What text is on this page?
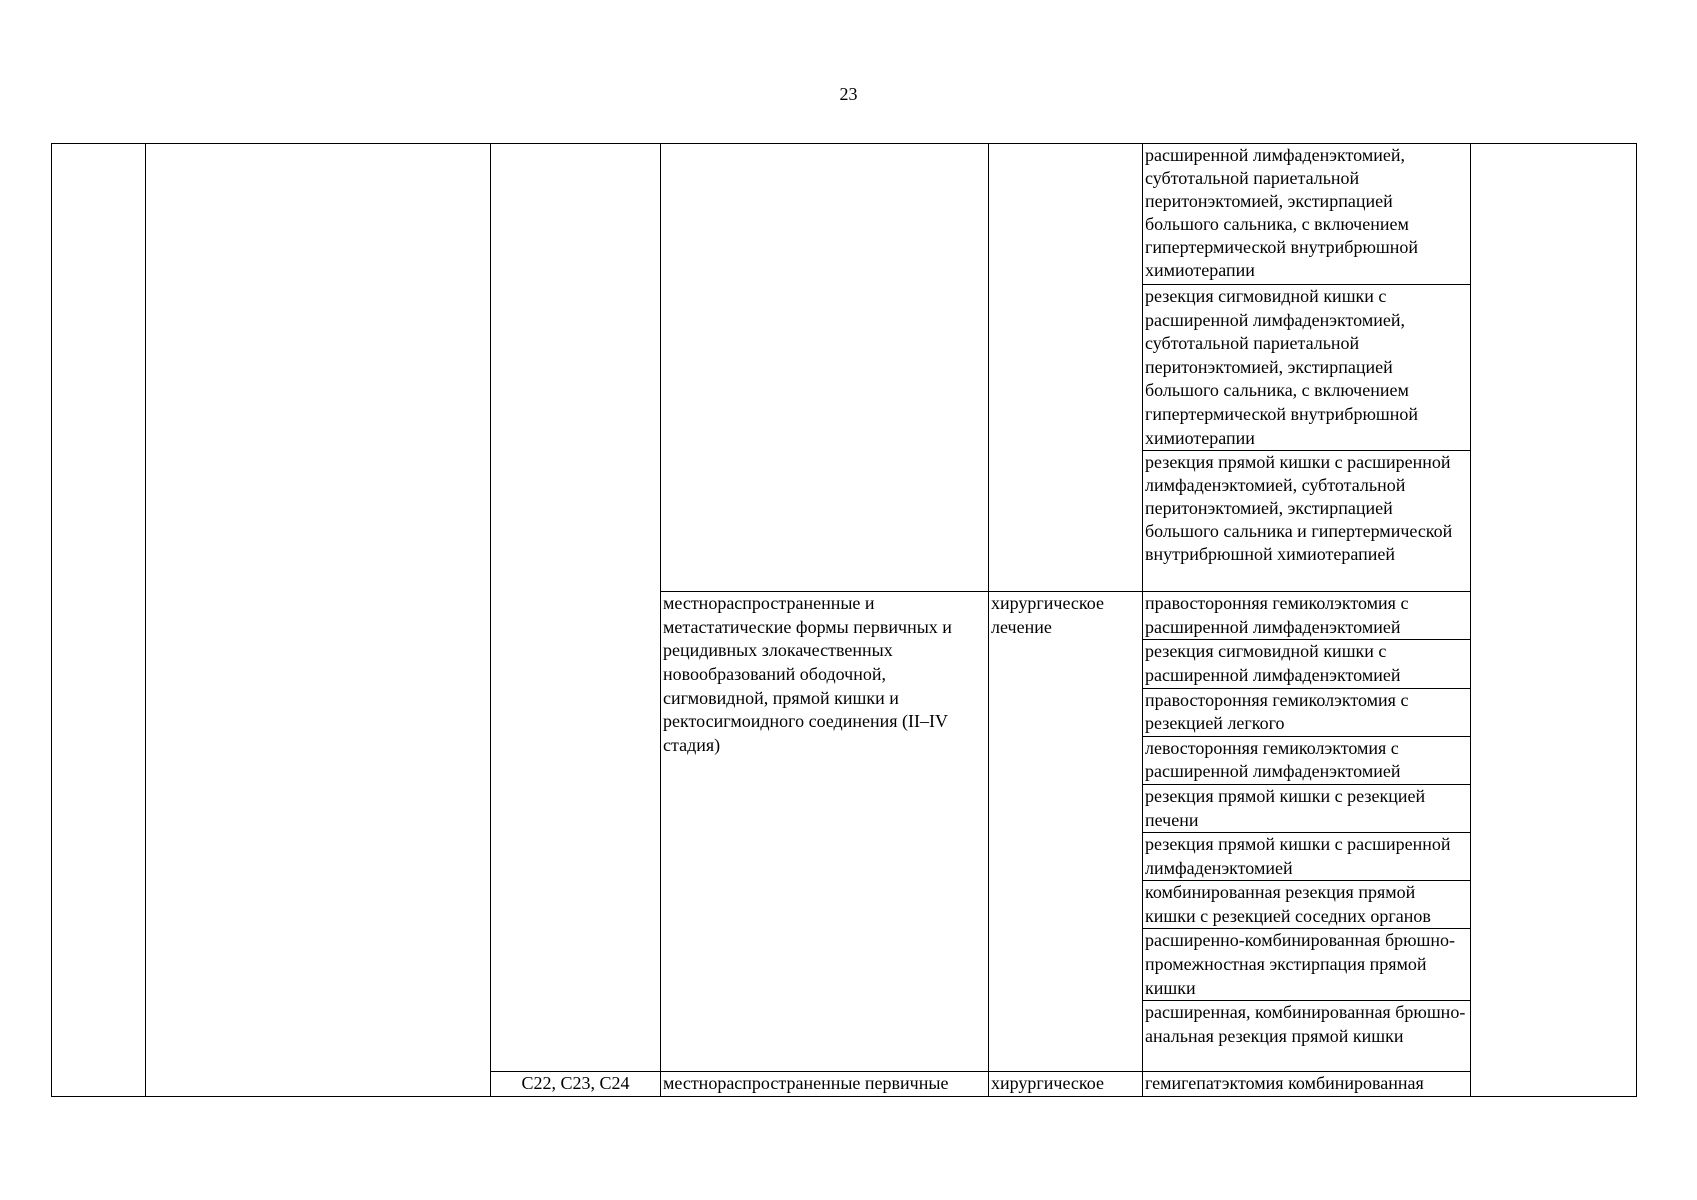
23
					расширенной лимфаденэктомией, субтотальной париетальной перитонэктомией, экстирпацией большого сальника, с включением гипертермической внутрибрюшной химиотерапии	
					резекция сигмовидной кишки с расширенной лимфаденэктомией, субтотальной париетальной перитонэктомией, экстирпацией большого сальника, с включением гипертермической внутрибрюшной химиотерапии	
					резекция прямой кишки с расширенной лимфаденэктомией, субтотальной перитонэктомией, экстирпацией большого сальника и гипертермической внутрибрюшной химиотерапией	
			местнораспространенные и метастатические формы первичных и рецидивных злокачественных новообразований ободочной, сигмовидной, прямой кишки и ректосигмоидного соединения (II–IV стадия)	хирургическое лечение	правосторонняя гемиколэктомия с расширенной лимфаденэктомией	
					резекция сигмовидной кишки с расширенной лимфаденэктомией	
					правосторонняя гемиколэктомия с резекцией легкого	
					левосторонняя гемиколэктомия с расширенной лимфаденэктомией	
					резекция прямой кишки с резекцией печени	
					резекция прямой кишки с расширенной лимфаденэктомией	
					комбинированная резекция прямой кишки с резекцией соседних органов	
					расширенно-комбинированная брюшно-промежностная экстирпация прямой кишки	
					расширенная, комбинированная брюшно-анальная резекция прямой кишки	
		C22, C23, C24	местнораспространенные первичные	хирургическое	гемигепатэктомия комбинированная	
